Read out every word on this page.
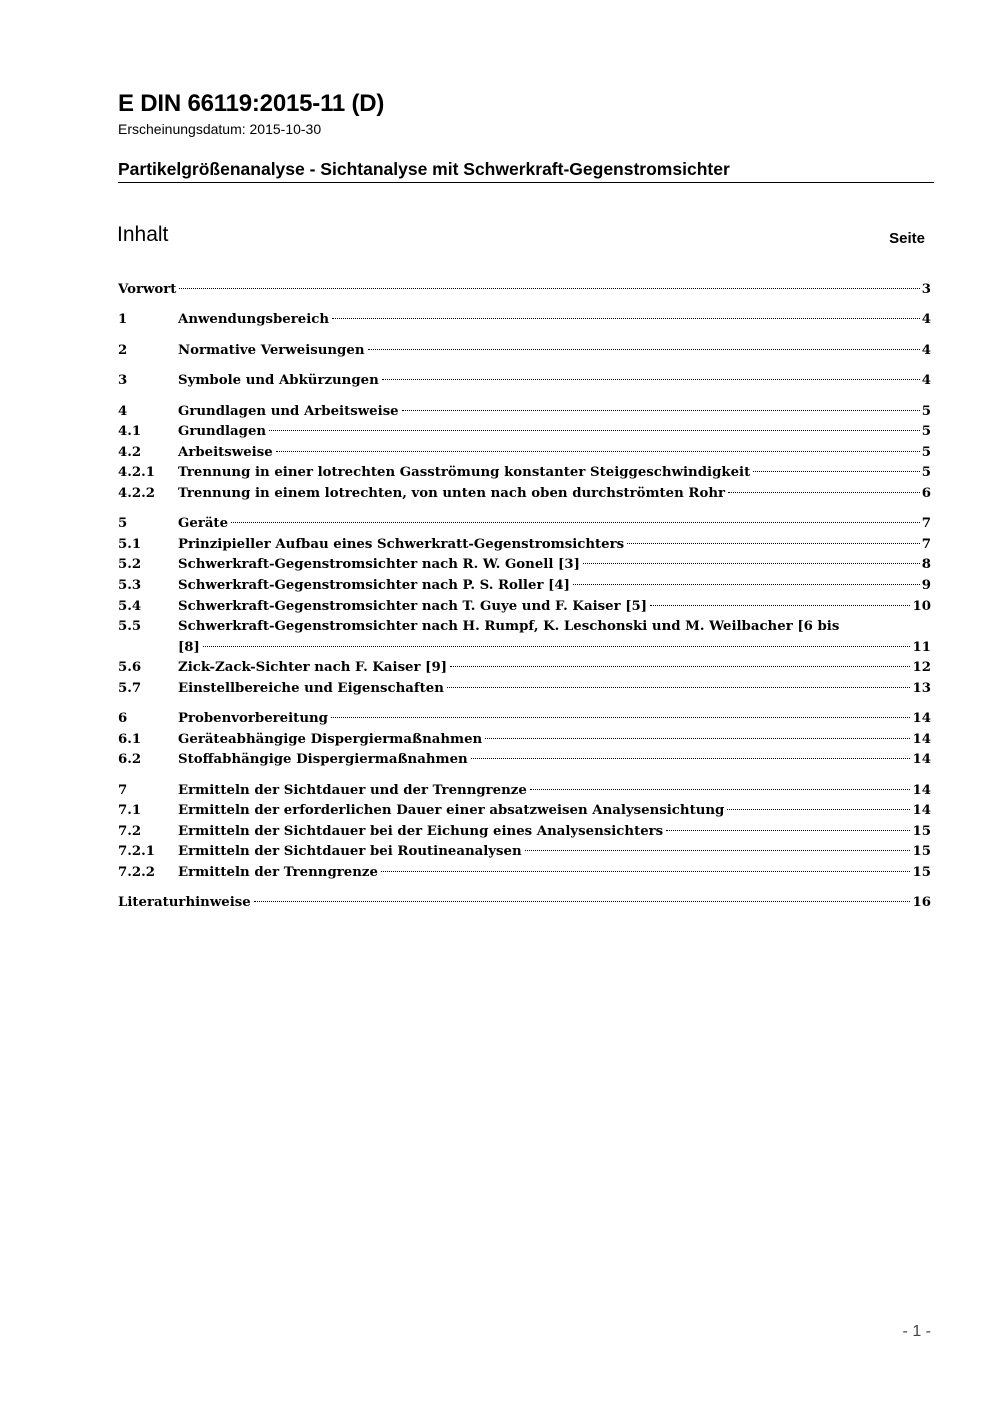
E DIN 66119:2015-11 (D)
Erscheinungsdatum: 2015-10-30
Partikelgrößenanalyse - Sichtanalyse mit Schwerkraft-Gegenstromsichter
Inhalt	Seite
Vorwort	3
1	Anwendungsbereich	4
2	Normative Verweisungen	4
3	Symbole und Abkürzungen	4
4	Grundlagen und Arbeitsweise	5
4.1	Grundlagen	5
4.2	Arbeitsweise	5
4.2.1	Trennung in einer lotrechten Gasströmung konstanter Steiggeschwindigkeit	5
4.2.2	Trennung in einem lotrechten, von unten nach oben durchströmten Rohr	6
5	Geräte	7
5.1	Prinzipieller Aufbau eines Schwerkratt-Gegenstromsichters	7
5.2	Schwerkraft-Gegenstromsichter nach R. W. Gonell [3]	8
5.3	Schwerkraft-Gegenstromsichter nach P. S. Roller [4]	9
5.4	Schwerkraft-Gegenstromsichter nach T. Guye und F. Kaiser [5]	10
5.5	Schwerkraft-Gegenstromsichter nach H. Rumpf, K. Leschonski und M. Weilbacher [6 bis
[8]	11
5.6	Zick-Zack-Sichter nach F. Kaiser [9]	12
5.7	Einstellbereiche und Eigenschaften	13
6	Probenvorbereitung	14
6.1	Geräteabhängige Dispergiermaßnahmen	14
6.2	Stoffabhängige Dispergiermaßnahmen	14
7	Ermitteln der Sichtdauer und der Trenngrenze	14
7.1	Ermitteln der erforderlichen Dauer einer absatzweisen Analysensichtung	14
7.2	Ermitteln der Sichtdauer bei der Eichung eines Analysensichters	15
7.2.1	Ermitteln der Sichtdauer bei Routineanalysen	15
7.2.2	Ermitteln der Trenngrenze	15
Literaturhinweise	16
- 1 -
